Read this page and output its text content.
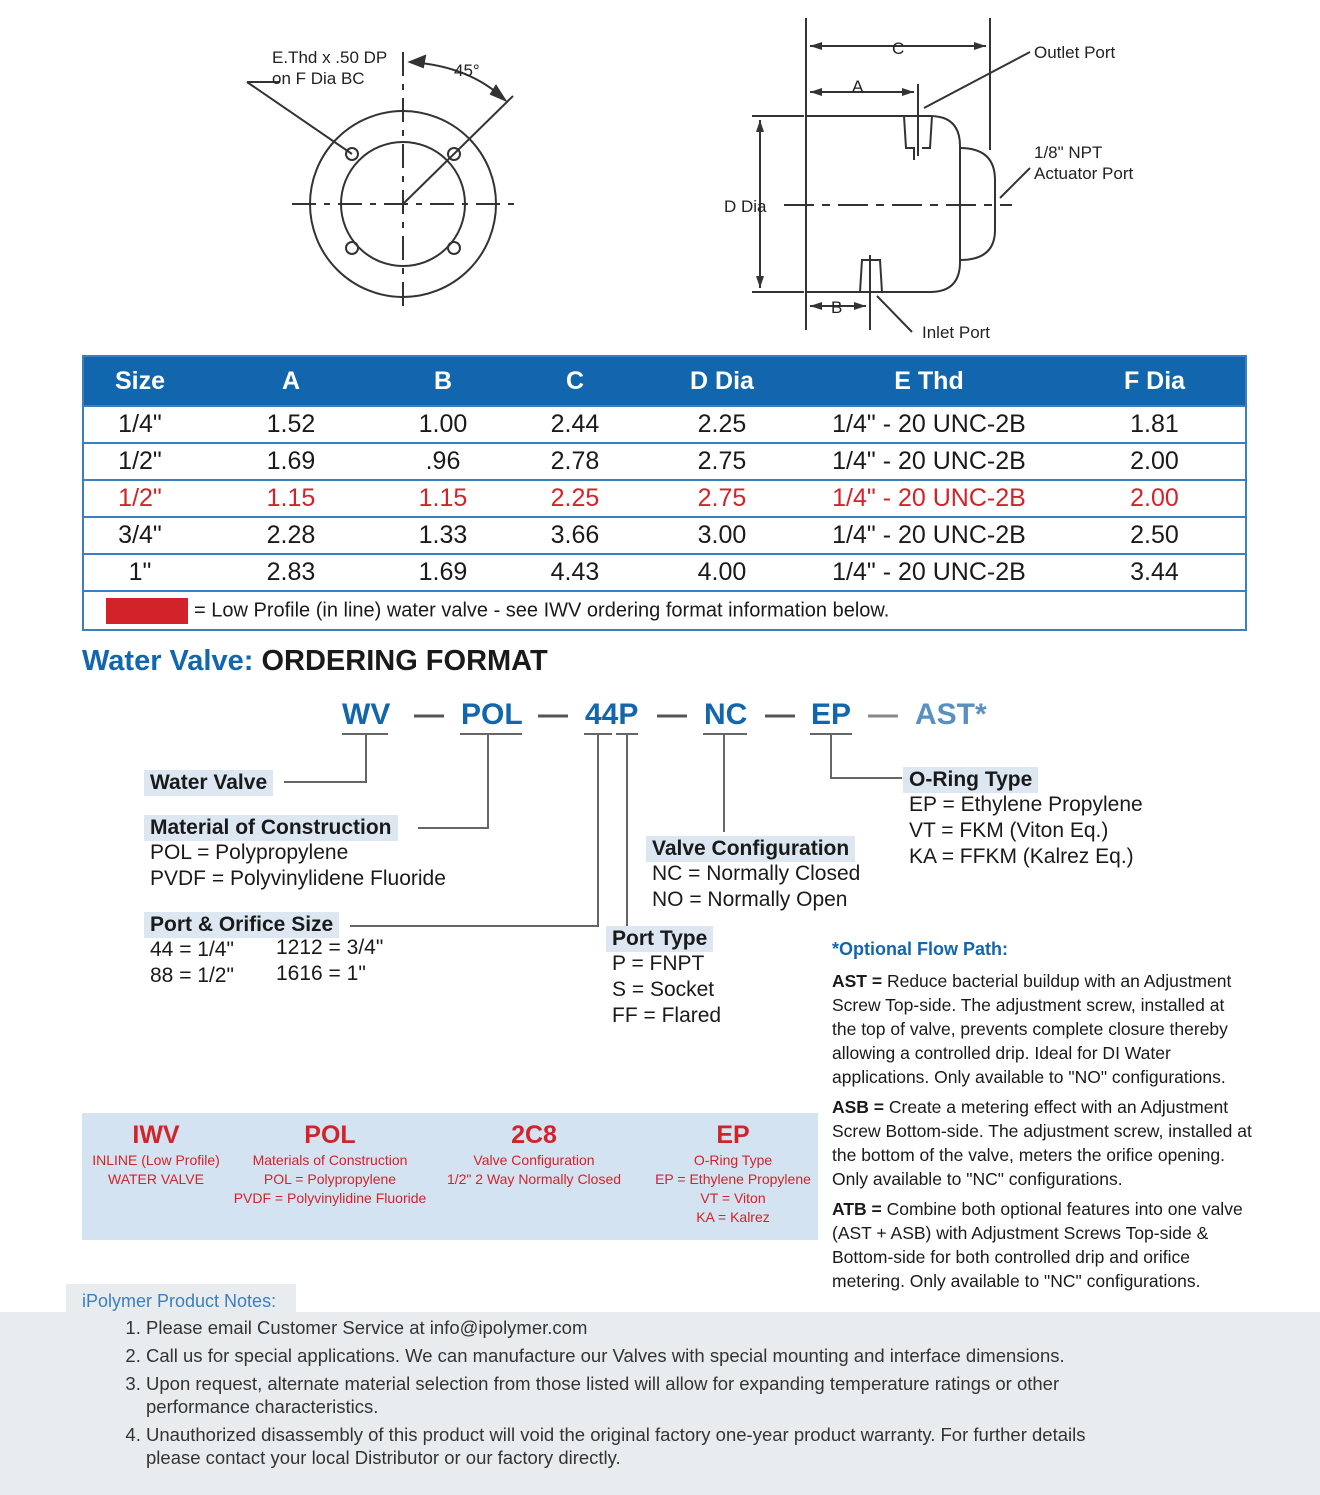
E.Thd x .50 DP
on F Dia BC	45°
C
A
B
D Dia
Outlet Port
1/8" NPT
Actuator Port
Inlet Port
Size	A	B	C	D Dia	E Thd	F Dia
1/4"	1.52	1.00	2.44	2.25	1/4" - 20 UNC-2B	1.81
1/2"	1.69	.96	2.78	2.75	1/4" - 20 UNC-2B	2.00
1/2"	1.15	1.15	2.25	2.75	1/4" - 20 UNC-2B	2.00
3/4"	2.28	1.33	3.66	3.00	1/4" - 20 UNC-2B	2.50
1"	2.83	1.69	4.43	4.00	1/4" - 20 UNC-2B	3.44
= Low Profile (in line) water valve - see IWV ordering format information below.						
Water Valve: ORDERING FORMAT
WV — POL — 44P — NC — EP — AST*
Water Valve
Material of Construction
POL = Polypropylene
PVDF = Polyvinylidene Fluoride
Port & Orifice Size
44 = 1/4"
88 = 1/2"
1212 = 3/4"
1616 = 1"
Port Type
P = FNPT
S = Socket
FF = Flared
Valve Configuration
NC = Normally Closed
NO = Normally Open
O-Ring Type
EP = Ethylene Propylene
VT = FKM (Viton Eq.)
KA = FFKM (Kalrez Eq.)
IWV
INLINE (Low Profile)
WATER VALVE
POL
Materials of Construction
POL = Polypropylene
PVDF = Polyvinylidine Fluoride
2C8
Valve Configuration
1/2" 2 Way Normally Closed
EP
O-Ring Type
EP = Ethylene Propylene
VT = Viton
KA = Kalrez
*Optional Flow Path:

AST = Reduce bacterial buildup with an Adjustment Screw Top-side. The adjustment screw, installed at the top of valve, prevents complete closure thereby allowing a controlled drip. Ideal for DI Water applications. Only available to "NO" configurations.

ASB = Create a metering effect with an Adjustment Screw Bottom-side. The adjustment screw, installed at the bottom of the valve, meters the orifice opening. Only available to "NC" configurations.

ATB = Combine both optional features into one valve (AST + ASB) with Adjustment Screws Top-side & Bottom-side for both controlled drip and orifice metering. Only available to "NC" configurations.

iPolymer Product Notes:
1. Please email Customer Service at info@ipolymer.com
2. Call us for special applications. We can manufacture our Valves with special mounting and interface dimensions.
3. Upon request, alternate material selection from those listed will allow for expanding temperature ratings or other performance characteristics.
4. Unauthorized disassembly of this product will void the original factory one-year product warranty. For further details please contact your local Distributor or our factory directly.
